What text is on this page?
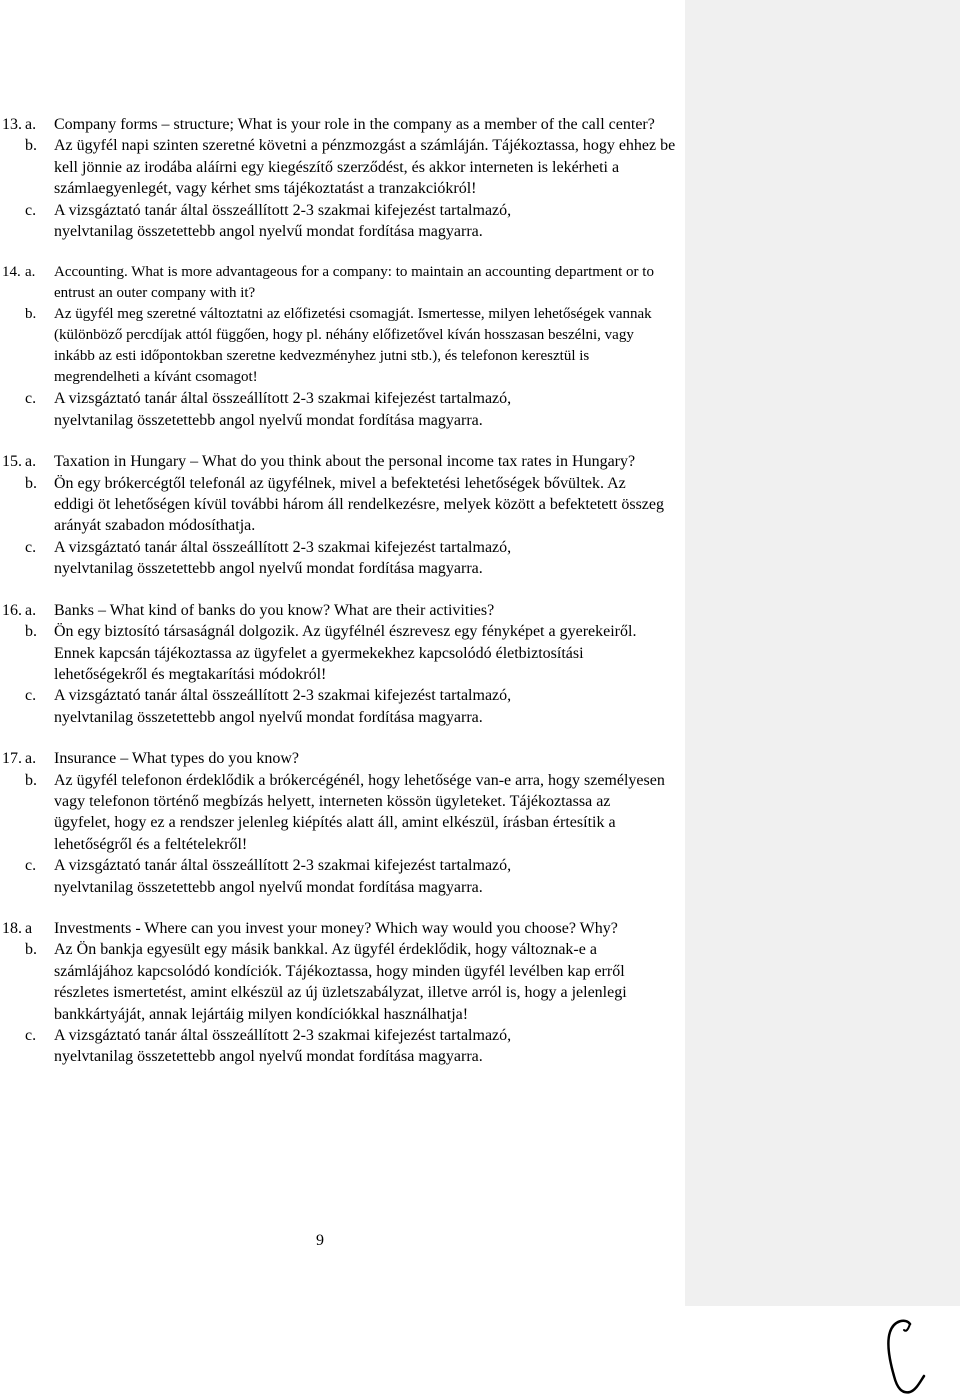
13. a. Company forms – structure; What is your role in the company as a member of the call center?
b. Az ügyfél napi szinten szeretné követni a pénzmozgást a számláján. Tájékoztassa, hogy ehhez be kell jönnie az irodába aláírni egy kiegészítő szerződést, és akkor interneten is lekérheti a számlaegyenlegét, vagy kérhet sms tájékoztatást a tranzakciókról!
c. A vizsgáztató tanár által összeállított 2-3 szakmai kifejezést tartalmazó, nyelvtanilag összetettebb angol nyelvű mondat fordítása magyarra.
14. a. Accounting. What is more advantageous for a company: to maintain an accounting department or to entrust an outer company with it?
b. Az ügyfél meg szeretné változtatni az előfizetési csomagját. Ismertesse, milyen lehetőségek vannak (különböző percdíjak attól függően, hogy pl. néhány előfizetővel kíván hosszasan beszélni, vagy inkább az esti időpontokban szeretne kedvezményhez jutni stb.), és telefonon keresztül is megrendelheti a kívánt csomagot!
c. A vizsgáztató tanár által összeállított 2-3 szakmai kifejezést tartalmazó, nyelvtanilag összetettebb angol nyelvű mondat fordítása magyarra.
15. a. Taxation in Hungary – What do you think about the personal income tax rates in Hungary?
b. Ön egy brókercégtől telefonál az ügyfélnek, mivel a befektetési lehetőségek bővültek. Az eddigi öt lehetőségen kívül további három áll rendelkezésre, melyek között a befektetett összeg arányát szabadon módosíthatja.
c. A vizsgáztató tanár által összeállított 2-3 szakmai kifejezést tartalmazó, nyelvtanilag összetettebb angol nyelvű mondat fordítása magyarra.
16. a. Banks – What kind of banks do you know? What are their activities?
b. Ön egy biztosító társaságnál dolgozik. Az ügyfélnél észrevesz egy fényképet a gyerekeiről. Ennek kapcsán tájékoztassa az ügyfelet a gyermekekhez kapcsolódó életbiztosítási lehetőségekről és megtakarítási módokról!
c. A vizsgáztató tanár által összeállított 2-3 szakmai kifejezést tartalmazó, nyelvtanilag összetettebb angol nyelvű mondat fordítása magyarra.
17. a. Insurance – What types do you know?
b. Az ügyfél telefonon érdeklődik a brókercégénél, hogy lehetősége van-e arra, hogy személyesen vagy telefonon történő megbízás helyett, interneten kössön ügyleteket. Tájékoztassa az ügyfelet, hogy ez a rendszer jelenleg kiépítés alatt áll, amint elkészül, írásban értesítik a lehetőségről és a feltételekről!
c. A vizsgáztató tanár által összeállított 2-3 szakmai kifejezést tartalmazó, nyelvtanilag összetettebb angol nyelvű mondat fordítása magyarra.
18. a Investments - Where can you invest your money? Which way would you choose? Why?
b. Az Ön bankja egyesült egy másik bankkal. Az ügyfél érdeklődik, hogy változnak-e a számlájához kapcsolódó kondíciók. Tájékoztassa, hogy minden ügyfél levélben kap erről részletes ismertetést, amint elkészül az új üzletszabályzat, illetve arról is, hogy a jelenlegi bankkártyáját, annak lejártáig milyen kondíciókkal használhatja!
c. A vizsgáztató tanár által összeállított 2-3 szakmai kifejezést tartalmazó, nyelvtanilag összetettebb angol nyelvű mondat fordítása magyarra.
9
